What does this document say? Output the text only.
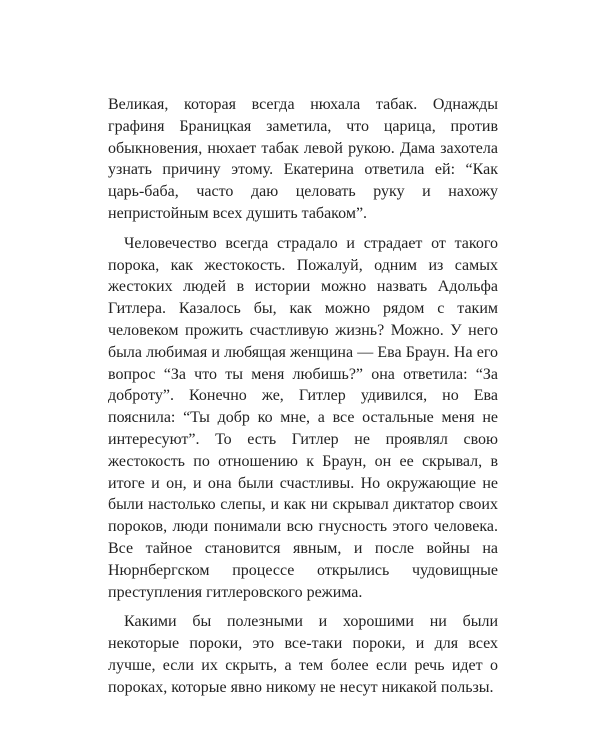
Великая, которая всегда нюхала табак. Однажды графиня Браницкая заметила, что царица, против обыкновения, нюхает табак левой рукою. Дама захотела узнать причину этому. Екатерина ответила ей: “Как царь-баба, часто даю целовать руку и нахожу непристойным всех душить табаком”.

Человечество всегда страдало и страдает от такого порока, как жестокость. Пожалуй, одним из самых жестоких людей в истории можно назвать Адольфа Гитлера. Казалось бы, как можно рядом с таким человеком прожить счастливую жизнь? Можно. У него была любимая и любящая женщина — Ева Браун. На его вопрос “За что ты меня любишь?” она ответила: “За доброту”. Конечно же, Гитлер удивился, но Ева пояснила: “Ты добр ко мне, а все остальные меня не интересуют”. То есть Гитлер не проявлял свою жестокость по отношению к Браун, он ее скрывал, в итоге и он, и она были счастливы. Но окружающие не были настолько слепы, и как ни скрывал диктатор своих пороков, люди понимали всю гнусность этого человека. Все тайное становится явным, и после войны на Нюрнбергском процессе открылись чудовищные преступления гитлеровского режима.

Какими бы полезными и хорошими ни были некоторые пороки, это все-таки пороки, и для всех лучше, если их скрыть, а тем более если речь идет о пороках, которые явно никому не несут никакой пользы.
